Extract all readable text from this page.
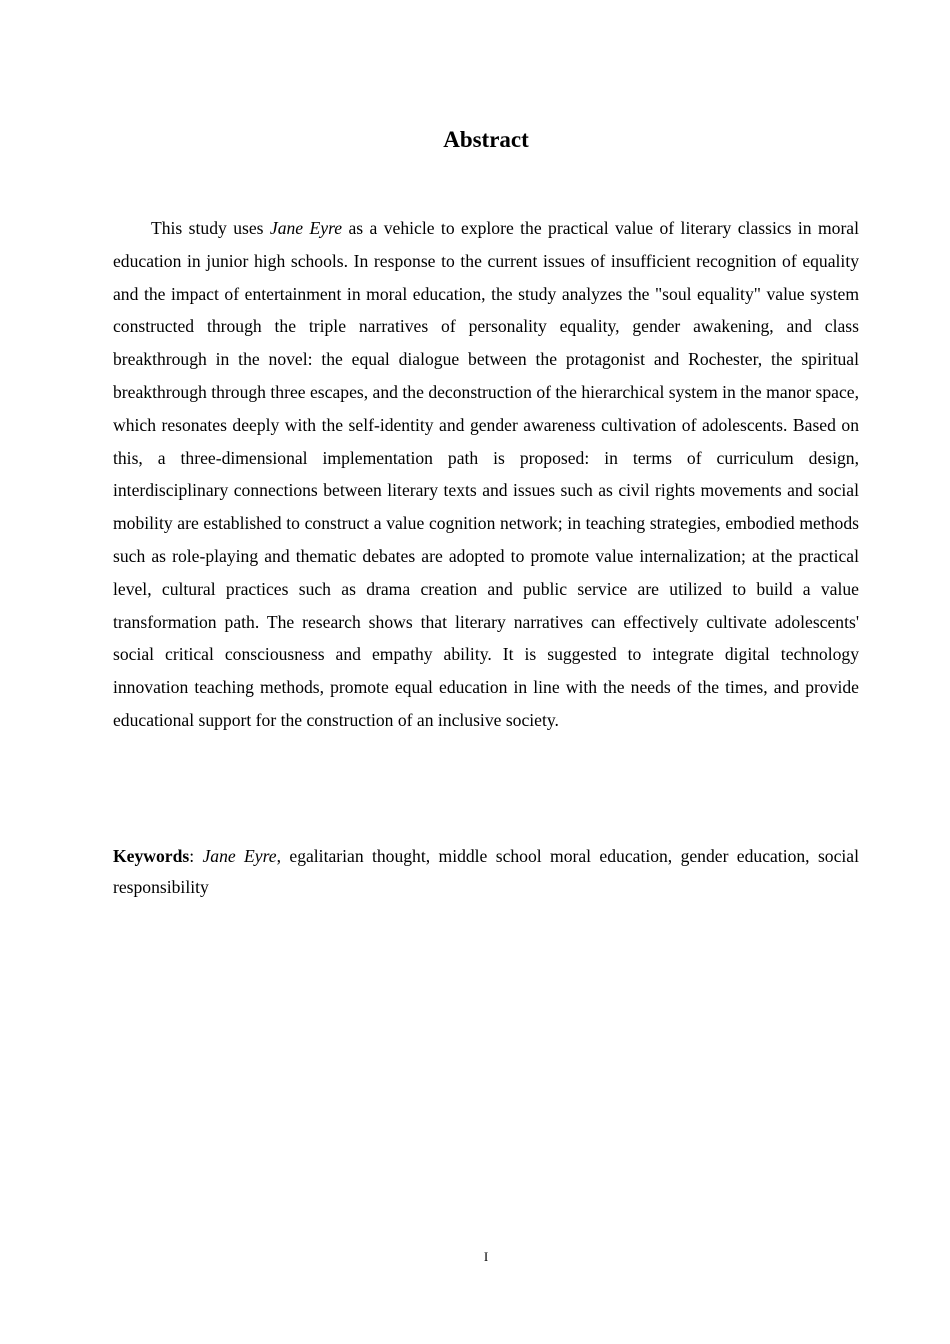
Abstract

This study uses Jane Eyre as a vehicle to explore the practical value of literary classics in moral education in junior high schools. In response to the current issues of insufficient recognition of equality and the impact of entertainment in moral education, the study analyzes the "soul equality" value system constructed through the triple narratives of personality equality, gender awakening, and class breakthrough in the novel: the equal dialogue between the protagonist and Rochester, the spiritual breakthrough through three escapes, and the deconstruction of the hierarchical system in the manor space, which resonates deeply with the self-identity and gender awareness cultivation of adolescents. Based on this, a three-dimensional implementation path is proposed: in terms of curriculum design, interdisciplinary connections between literary texts and issues such as civil rights movements and social mobility are established to construct a value cognition network; in teaching strategies, embodied methods such as role-playing and thematic debates are adopted to promote value internalization; at the practical level, cultural practices such as drama creation and public service are utilized to build a value transformation path. The research shows that literary narratives can effectively cultivate adolescents' social critical consciousness and empathy ability. It is suggested to integrate digital technology innovation teaching methods, promote equal education in line with the needs of the times, and provide educational support for the construction of an inclusive society.

Keywords: Jane Eyre, egalitarian thought, middle school moral education, gender education, social responsibility

I
